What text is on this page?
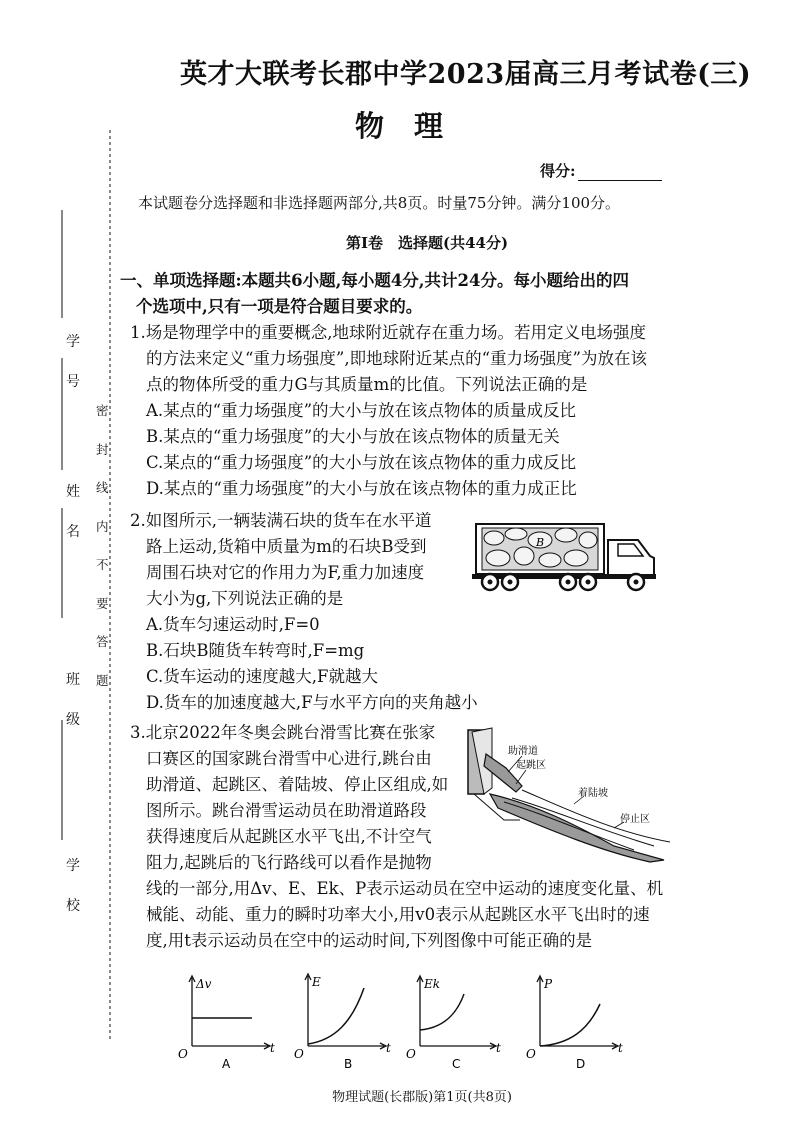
学号
姓名
班级
学校
密封线内不要答题
英才大联考长郡中学2023届高三月考试卷(三)
物理
得分:
本试题卷分选择题和非选择题两部分,共8页。时量75分钟。满分100分。
第Ⅰ卷　选择题(共44分)
一、单项选择题:本题共6小题,每小题4分,共计24分。每小题给出的四
个选项中,只有一项是符合题目要求的。
1.场是物理学中的重要概念,地球附近就存在重力场。若用定义电场强度
的方法来定义“重力场强度”,即地球附近某点的“重力场强度”为放在该
点的物体所受的重力G与其质量m的比值。下列说法正确的是
A.某点的“重力场强度”的大小与放在该点物体的质量成反比
B.某点的“重力场强度”的大小与放在该点物体的质量无关
C.某点的“重力场强度”的大小与放在该点物体的重力成反比
D.某点的“重力场强度”的大小与放在该点物体的重力成正比
2.如图所示,一辆装满石块的货车在水平道
路上运动,货箱中质量为m的石块B受到
周围石块对它的作用力为F,重力加速度
大小为g,下列说法正确的是
A.货车匀速运动时,F=0
B.石块B随货车转弯时,F=mg
C.货车运动的速度越大,F就越大
D.货车的加速度越大,F与水平方向的夹角越小
B
3.北京2022年冬奥会跳台滑雪比赛在张家
口赛区的国家跳台滑雪中心进行,跳台由
助滑道、起跳区、着陆坡、停止区组成,如
图所示。跳台滑雪运动员在助滑道路段
获得速度后从起跳区水平飞出,不计空气
阻力,起跳后的飞行路线可以看作是抛物
线的一部分,用Δv、E、Ek、P表示运动员在空中运动的速度变化量、机
械能、动能、重力的瞬时功率大小,用v0表示从起跳区水平飞出时的速
度,用t表示运动员在空中的运动时间,下列图像中可能正确的是
助滑道
起跳区
着陆坡
停止区
Δv
t
O
A
E
t
O
B
Ek
t
O
C
P
t
O
D
物理试题(长郡版)第1页(共8页)
